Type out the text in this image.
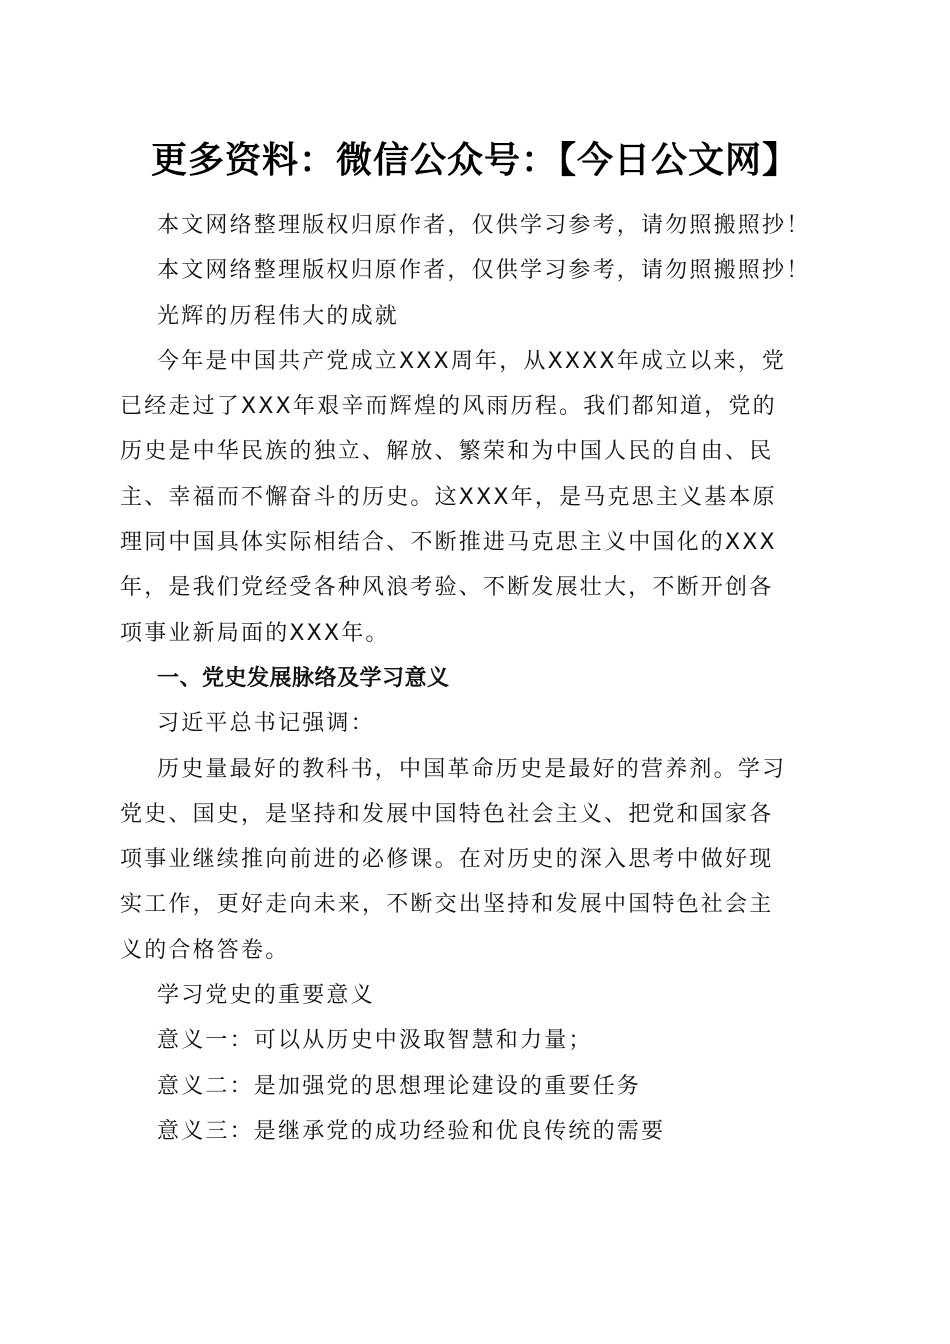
更多资料：微信公众号：【今日公文网】
本文网络整理版权归原作者，仅供学习参考，请勿照搬照抄！
本文网络整理版权归原作者，仅供学习参考，请勿照搬照抄！
光辉的历程伟大的成就
今年是中国共产党成立XXX周年，从XXXX年成立以来，党
已经走过了XXX年艰辛而辉煌的风雨历程。我们都知道，党的
历史是中华民族的独立、解放、繁荣和为中国人民的自由、民
主、幸福而不懈奋斗的历史。这XXX年，是马克思主义基本原
理同中国具体实际相结合、不断推进马克思主义中国化的XXX
年，是我们党经受各种风浪考验、不断发展壮大，不断开创各
项事业新局面的XXX年。
一、党史发展脉络及学习意义
习近平总书记强调：
历史量最好的教科书，中国革命历史是最好的营养剂。学习
党史、国史，是坚持和发展中国特色社会主义、把党和国家各
项事业继续推向前进的必修课。在对历史的深入思考中做好现
实工作，更好走向未来，不断交出坚持和发展中国特色社会主
义的合格答卷。
学习党史的重要意义
意义一：可以从历史中汲取智慧和力量；
意义二：是加强党的思想理论建设的重要任务
意义三：是继承党的成功经验和优良传统的需要
